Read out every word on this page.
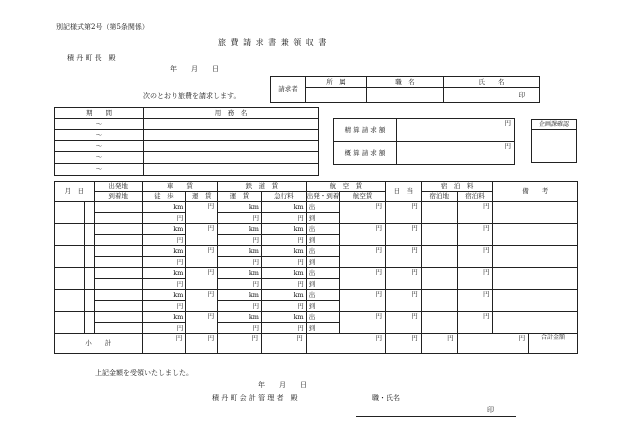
別記様式第2号（第5条関係）
旅 費 請 求 書 兼 領 収 書
積 丹 町 長　殿
年　　月　　日
次のとおり旅費を請求します。
請求者	所　属	職　名	氏　　名
			印
期　　間	用　務　名
〜	
〜	
〜	
〜	
〜	
精 算 請 求 額	円
概 算 請 求 額	円
企画課確認

月　日		出発地	車　　賃		鉄　道　賃		航　空　賃		日　当	宿　泊　料		備　　考	
		到着地	徒　歩	運　賃	運　賃	急行料	出発・到着	航空賃		宿泊地	宿泊料		
			km	円	km	km	出	円	円		円		
			円		円	円	到						
			km	円	km	km	出	円	円		円		
			円		円	円	到						
			km	円	km	km	出	円	円		円		
			円		円	円	到						
			km	円	km	km	出	円	円		円		
			円		円	円	到						
			km	円	km	km	出	円	円		円		
			円		円	円	到						
			km	円	km	km	出	円	円		円		
			円		円	円	到						
小　　計			円	円	円	円	円		円	円	円		合計金額
上記金額を受領いたしました。
年　　月　　日
積 丹 町 会 計 管 理 者　殿	職・氏名
印
